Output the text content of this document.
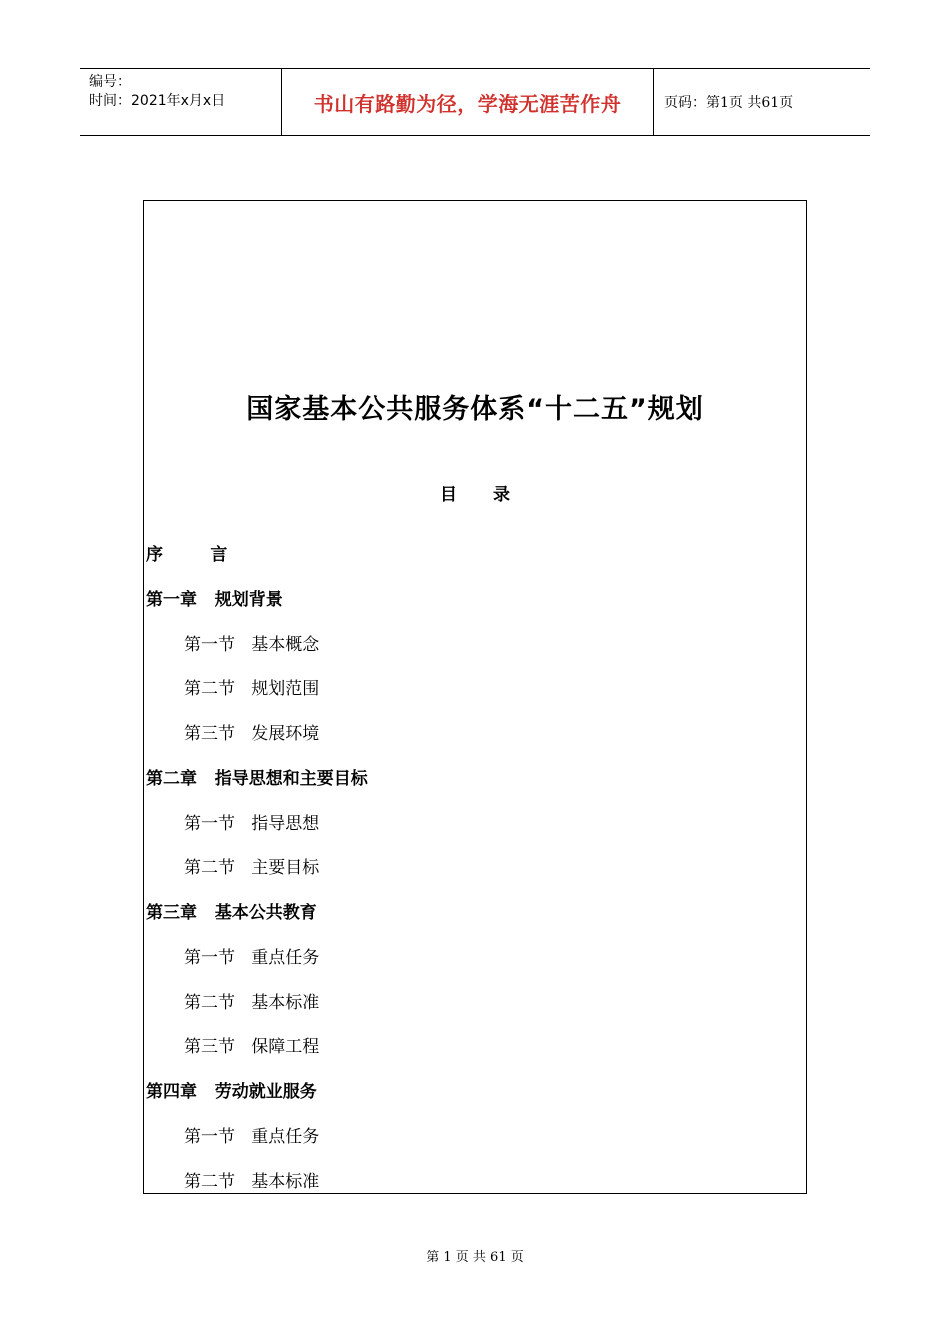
编号：
时间：2021年x月x日	书山有路勤为径，学海无涯苦作舟	页码：第1页 共61页
国家基本公共服务体系“十二五”规划
目录
序        言
第一章   规划背景
第一节   基本概念
第二节   规划范围
第三节   发展环境
第二章   指导思想和主要目标
第一节   指导思想
第二节   主要目标
第三章   基本公共教育
第一节   重点任务
第二节   基本标准
第三节   保障工程
第四章   劳动就业服务
第一节   重点任务
第二节   基本标准
第 1 页 共 61 页
